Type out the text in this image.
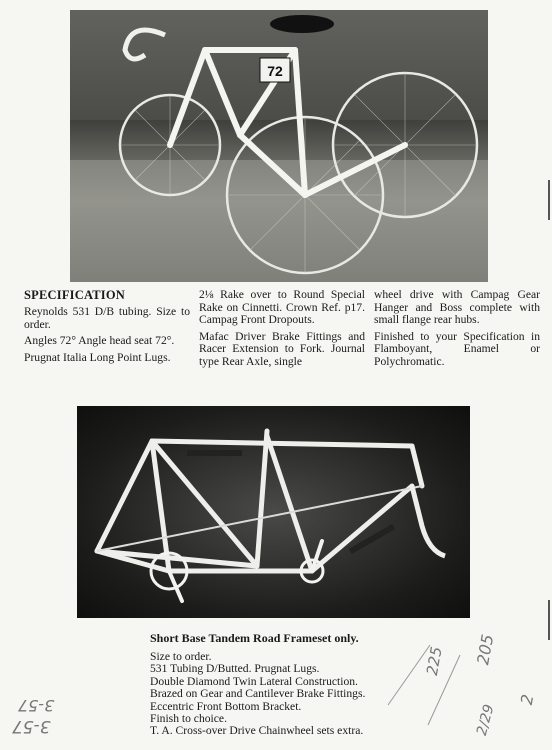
72
SPECIFICATION

Reynolds 531 D/B tubing. Size to order.

Angles 72° Angle head seat 72°.

Prugnat Italia Long Point Lugs.

2⅛ Rake over to Round Special Rake on Cinnetti. Crown Ref. p17. Campag Front Dropouts.

Mafac Driver Brake Fittings and Racer Extension to Fork. Journal type Rear Axle, single

wheel drive with Campag Gear Hanger and Boss complete with small flange rear hubs.

Finished to your Specification in Flamboyant, Enamel or Polychromatic.

Short Base Tandem Road Frameset only.
Size to order.
531 Tubing D/Butted. Prugnat Lugs.
Double Diamond Twin Lateral Construction.
Brazed on Gear and Cantilever Brake Fittings.
Eccentric Front Bottom Bracket.
Finish to choice.
T. A. Cross-over Drive Chainwheel sets extra.
3-57
3-57
225 205
2/29
2
